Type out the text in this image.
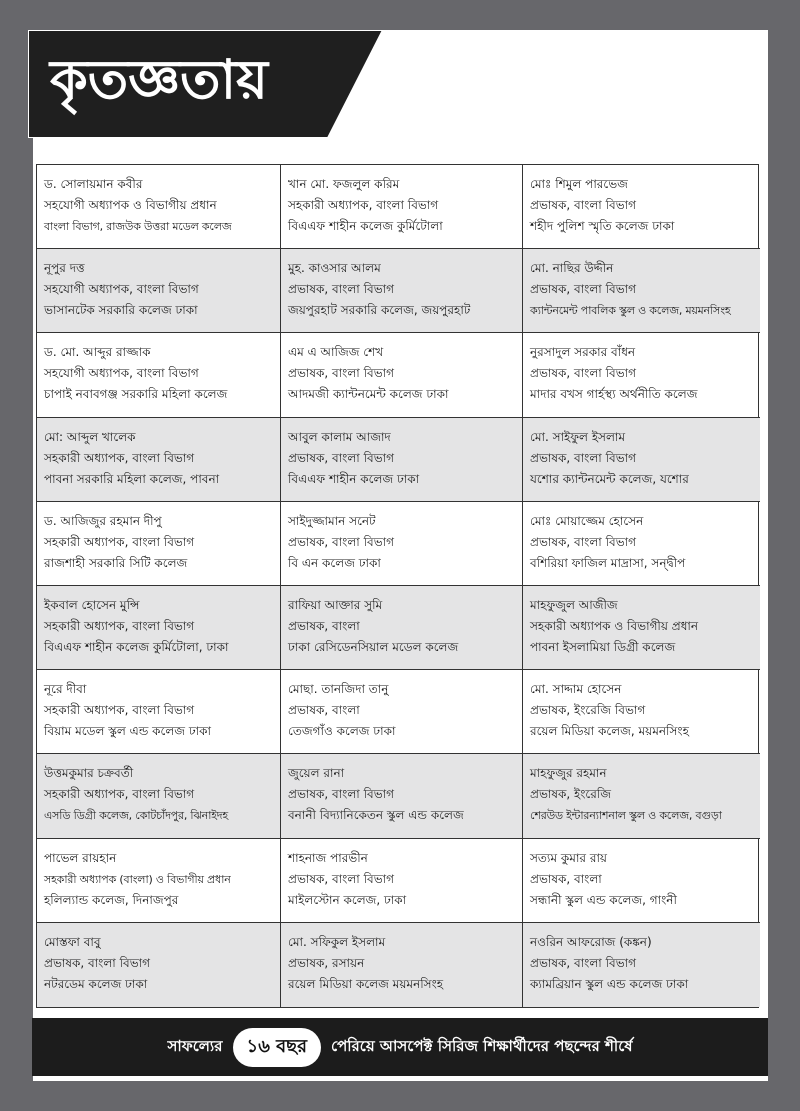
কৃতজ্ঞতায়
ড. সোলায়মান কবীর
সহযোগী অধ্যাপক ও বিভাগীয় প্রধান
বাংলা বিভাগ, রাজউক উত্তরা মডেল কলেজ
খান মো. ফজলুল করিম
সহকারী অধ্যাপক, বাংলা বিভাগ
বিএএফ শাহীন কলেজ কুর্মিটোলা
মোঃ শিমুল পারভেজ
প্রভাষক, বাংলা বিভাগ
শহীদ পুলিশ স্মৃতি কলেজ ঢাকা
নূপুর দত্ত
সহযোগী অধ্যাপক, বাংলা বিভাগ
ভাসানটেক সরকারি কলেজ ঢাকা
মুহ. কাওসার আলম
প্রভাষক, বাংলা বিভাগ
জয়পুরহাট সরকারি কলেজ, জয়পুরহাট
মো. নাছির উদ্দীন
প্রভাষক, বাংলা বিভাগ
ক্যান্টনমেন্ট পাবলিক স্কুল ও কলেজ, ময়মনসিংহ
ড. মো. আব্দুর রাজ্জাক
সহযোগী অধ্যাপক, বাংলা বিভাগ
চাপাই নবাবগঞ্জ সরকারি মহিলা কলেজ
এম এ আজিজ শেখ
প্রভাষক, বাংলা বিভাগ
আদমজী ক্যান্টনমেন্ট কলেজ ঢাকা
নুরসাদুল সরকার বাঁধন
প্রভাষক, বাংলা বিভাগ
মাদার বখস গার্হস্থ্য অর্থনীতি কলেজ
মো: আব্দুল খালেক
সহকারী অধ্যাপক, বাংলা বিভাগ
পাবনা সরকারি মহিলা কলেজ, পাবনা
আবুল কালাম আজাদ
প্রভাষক, বাংলা বিভাগ
বিএএফ শাহীন কলেজ ঢাকা
মো. সাইফুল ইসলাম
প্রভাষক, বাংলা বিভাগ
যশোর ক্যান্টনমেন্ট কলেজ, যশোর
ড. আজিজুর রহমান দীপু
সহকারী অধ্যাপক, বাংলা বিভাগ
রাজশাহী সরকারি সিটি কলেজ
সাইদুজ্জামান সনেট
প্রভাষক, বাংলা বিভাগ
বি এন কলেজ ঢাকা
মোঃ মোয়াজ্জেম হোসেন
প্রভাষক, বাংলা বিভাগ
বশিরিয়া ফাজিল মাদ্রাসা, সন্দ্বীপ
ইকবাল হোসেন মুন্সি
সহকারী অধ্যাপক, বাংলা বিভাগ
বিএএফ শাহীন কলেজ কুর্মিটোলা, ঢাকা
রাফিয়া আক্তার সুমি
প্রভাষক, বাংলা
ঢাকা রেসিডেনসিয়াল মডেল কলেজ
মাহফুজুল আজীজ
সহকারী অধ্যাপক ও বিভাগীয় প্রধান
পাবনা ইসলামিয়া ডিগ্রী কলেজ
নূরে দীবা
সহকারী অধ্যাপক, বাংলা বিভাগ
বিয়াম মডেল স্কুল এন্ড কলেজ ঢাকা
মোছা. তানজিদা তানু
প্রভাষক, বাংলা
তেজগাঁও কলেজ ঢাকা
মো. সাদ্দাম হোসেন
প্রভাষক, ইংরেজি বিভাগ
রয়েল মিডিয়া কলেজ, ময়মনসিংহ
উত্তমকুমার চক্রবর্তী
সহকারী অধ্যাপক, বাংলা বিভাগ
এসডি ডিগ্রী কলেজ, কোটচাঁদপুর, ঝিনাইদহ
জুয়েল রানা
প্রভাষক, বাংলা বিভাগ
বনানী বিদ্যানিকেতন স্কুল এন্ড কলেজ
মাহফুজুর রহমান
প্রভাষক, ইংরেজি
শেরউড ইন্টারন্যাশনাল স্কুল ও কলেজ, বগুড়া
পাভেল রায়হান
সহকারী অধ্যাপক (বাংলা) ও বিভাগীয় প্রধান
হলিল্যান্ড কলেজ, দিনাজপুর
শাহনাজ পারভীন
প্রভাষক, বাংলা বিভাগ
মাইলস্টোন কলেজ, ঢাকা
সত্যম কুমার রায়
প্রভাষক, বাংলা
সন্ধানী স্কুল এন্ড কলেজ, গাংনী
মোস্তফা বাবু
প্রভাষক, বাংলা বিভাগ
নটরডেম কলেজ ঢাকা
মো. সফিকুল ইসলাম
প্রভাষক, রসায়ন
রয়েল মিডিয়া কলেজ ময়মনসিংহ
নওরিন আফরোজ (কঙ্কন)
প্রভাষক, বাংলা বিভাগ
ক্যামব্রিয়ান স্কুল এন্ড কলেজ ঢাকা
সাফল্যের	১৬ বছর	পেরিয়ে আসপেক্ট সিরিজ শিক্ষার্থীদের পছন্দের শীর্ষে
